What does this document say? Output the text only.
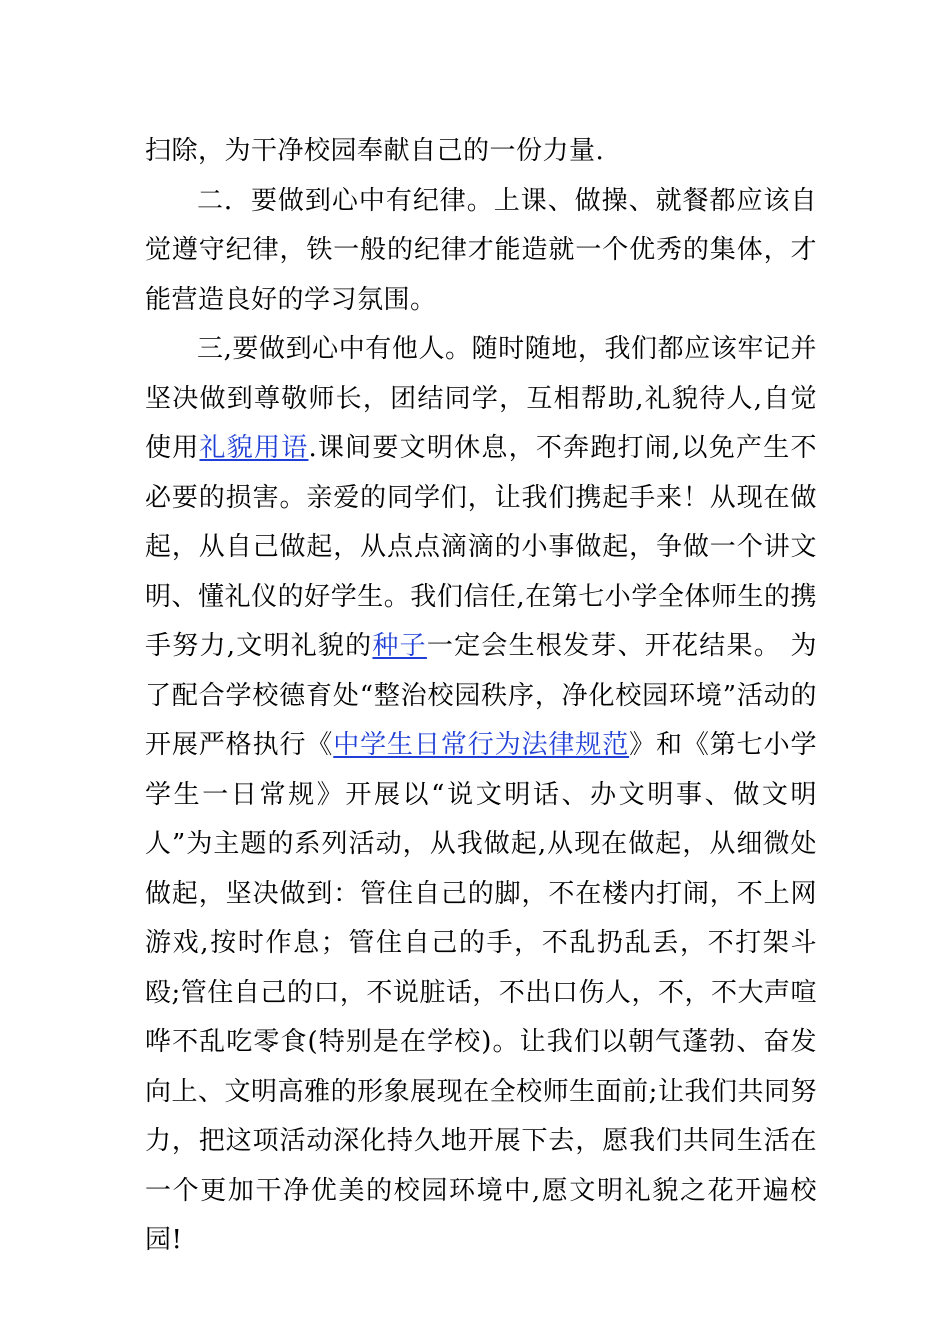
扫除，为干净校园奉献自己的一份力量.

二．要做到心中有纪律。上课、做操、就餐都应该自觉遵守纪律，铁一般的纪律才能造就一个优秀的集体，才能营造良好的学习氛围。

三,要做到心中有他人。随时随地，我们都应该牢记并坚决做到尊敬师长，团结同学，互相帮助,礼貌待人,自觉使用礼貌用语.课间要文明休息，不奔跑打闹,以免产生不必要的损害。亲爱的同学们，让我们携起手来！从现在做起，从自己做起，从点点滴滴的小事做起，争做一个讲文明、懂礼仪的好学生。我们信任,在第七小学全体师生的携手努力,文明礼貌的种子一定会生根发芽、开花结果。 为了配合学校德育处“整治校园秩序，净化校园环境”活动的开展严格执行《中学生日常行为法律规范》和《第七小学学生一日常规》开展以“说文明话、办文明事、做文明人”为主题的系列活动，从我做起,从现在做起，从细微处做起，坚决做到：管住自己的脚，不在楼内打闹，不上网游戏,按时作息；管住自己的手，不乱扔乱丢，不打架斗殴;管住自己的口，不说脏话，不出口伤人，不，不大声喧哗不乱吃零食(特别是在学校)。让我们以朝气蓬勃、奋发向上、文明高雅的形象展现在全校师生面前;让我们共同努力，把这项活动深化持久地开展下去，愿我们共同生活在一个更加干净优美的校园环境中,愿文明礼貌之花开遍校园!
